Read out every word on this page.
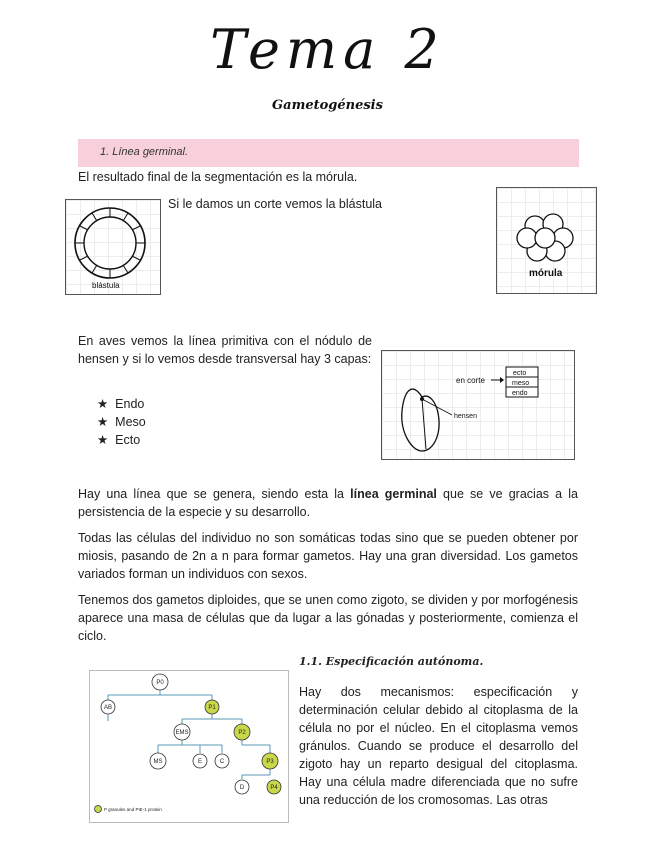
Tema 2
Gametogénesis
1. Línea germinal.
El resultado final de la segmentación es la mórula.
blástula
Si le damos un corte vemos la blástula
mórula
En aves vemos la línea primitiva con el nódulo de hensen y si lo vemos desde transversal hay 3 capas:
★ Endo
★ Meso
★ Ecto
hensen
en corte
ecto
meso
endo
Hay una línea que se genera, siendo esta la línea germinal que se ve gracias a la persistencia de la especie y su desarrollo.
Todas las células del individuo no son somáticas todas sino que se pueden obtener por miosis, pasando de 2n a n para formar gametos. Hay una gran diversidad. Los gametos variados forman un individuos con sexos.
Tenemos dos gametos diploides, que se unen como zigoto, se dividen y por morfogénesis aparece una masa de células que da lugar a las gónadas y posteriormente, comienza el ciclo.
1.1. Especificación autónoma.
P0
AB	P1
EMS	P2
MS	E	C	P3
D	P4
P granules and PIE-1 protein
Hay dos mecanismos: especificación y determinación celular debido al citoplasma de la célula no por el núcleo. En el citoplasma vemos gránulos. Cuando se produce el desarrollo del zigoto hay un reparto desigual del citoplasma. Hay una célula madre diferenciada que no sufre una reducción de los cromosomas. Las otras
